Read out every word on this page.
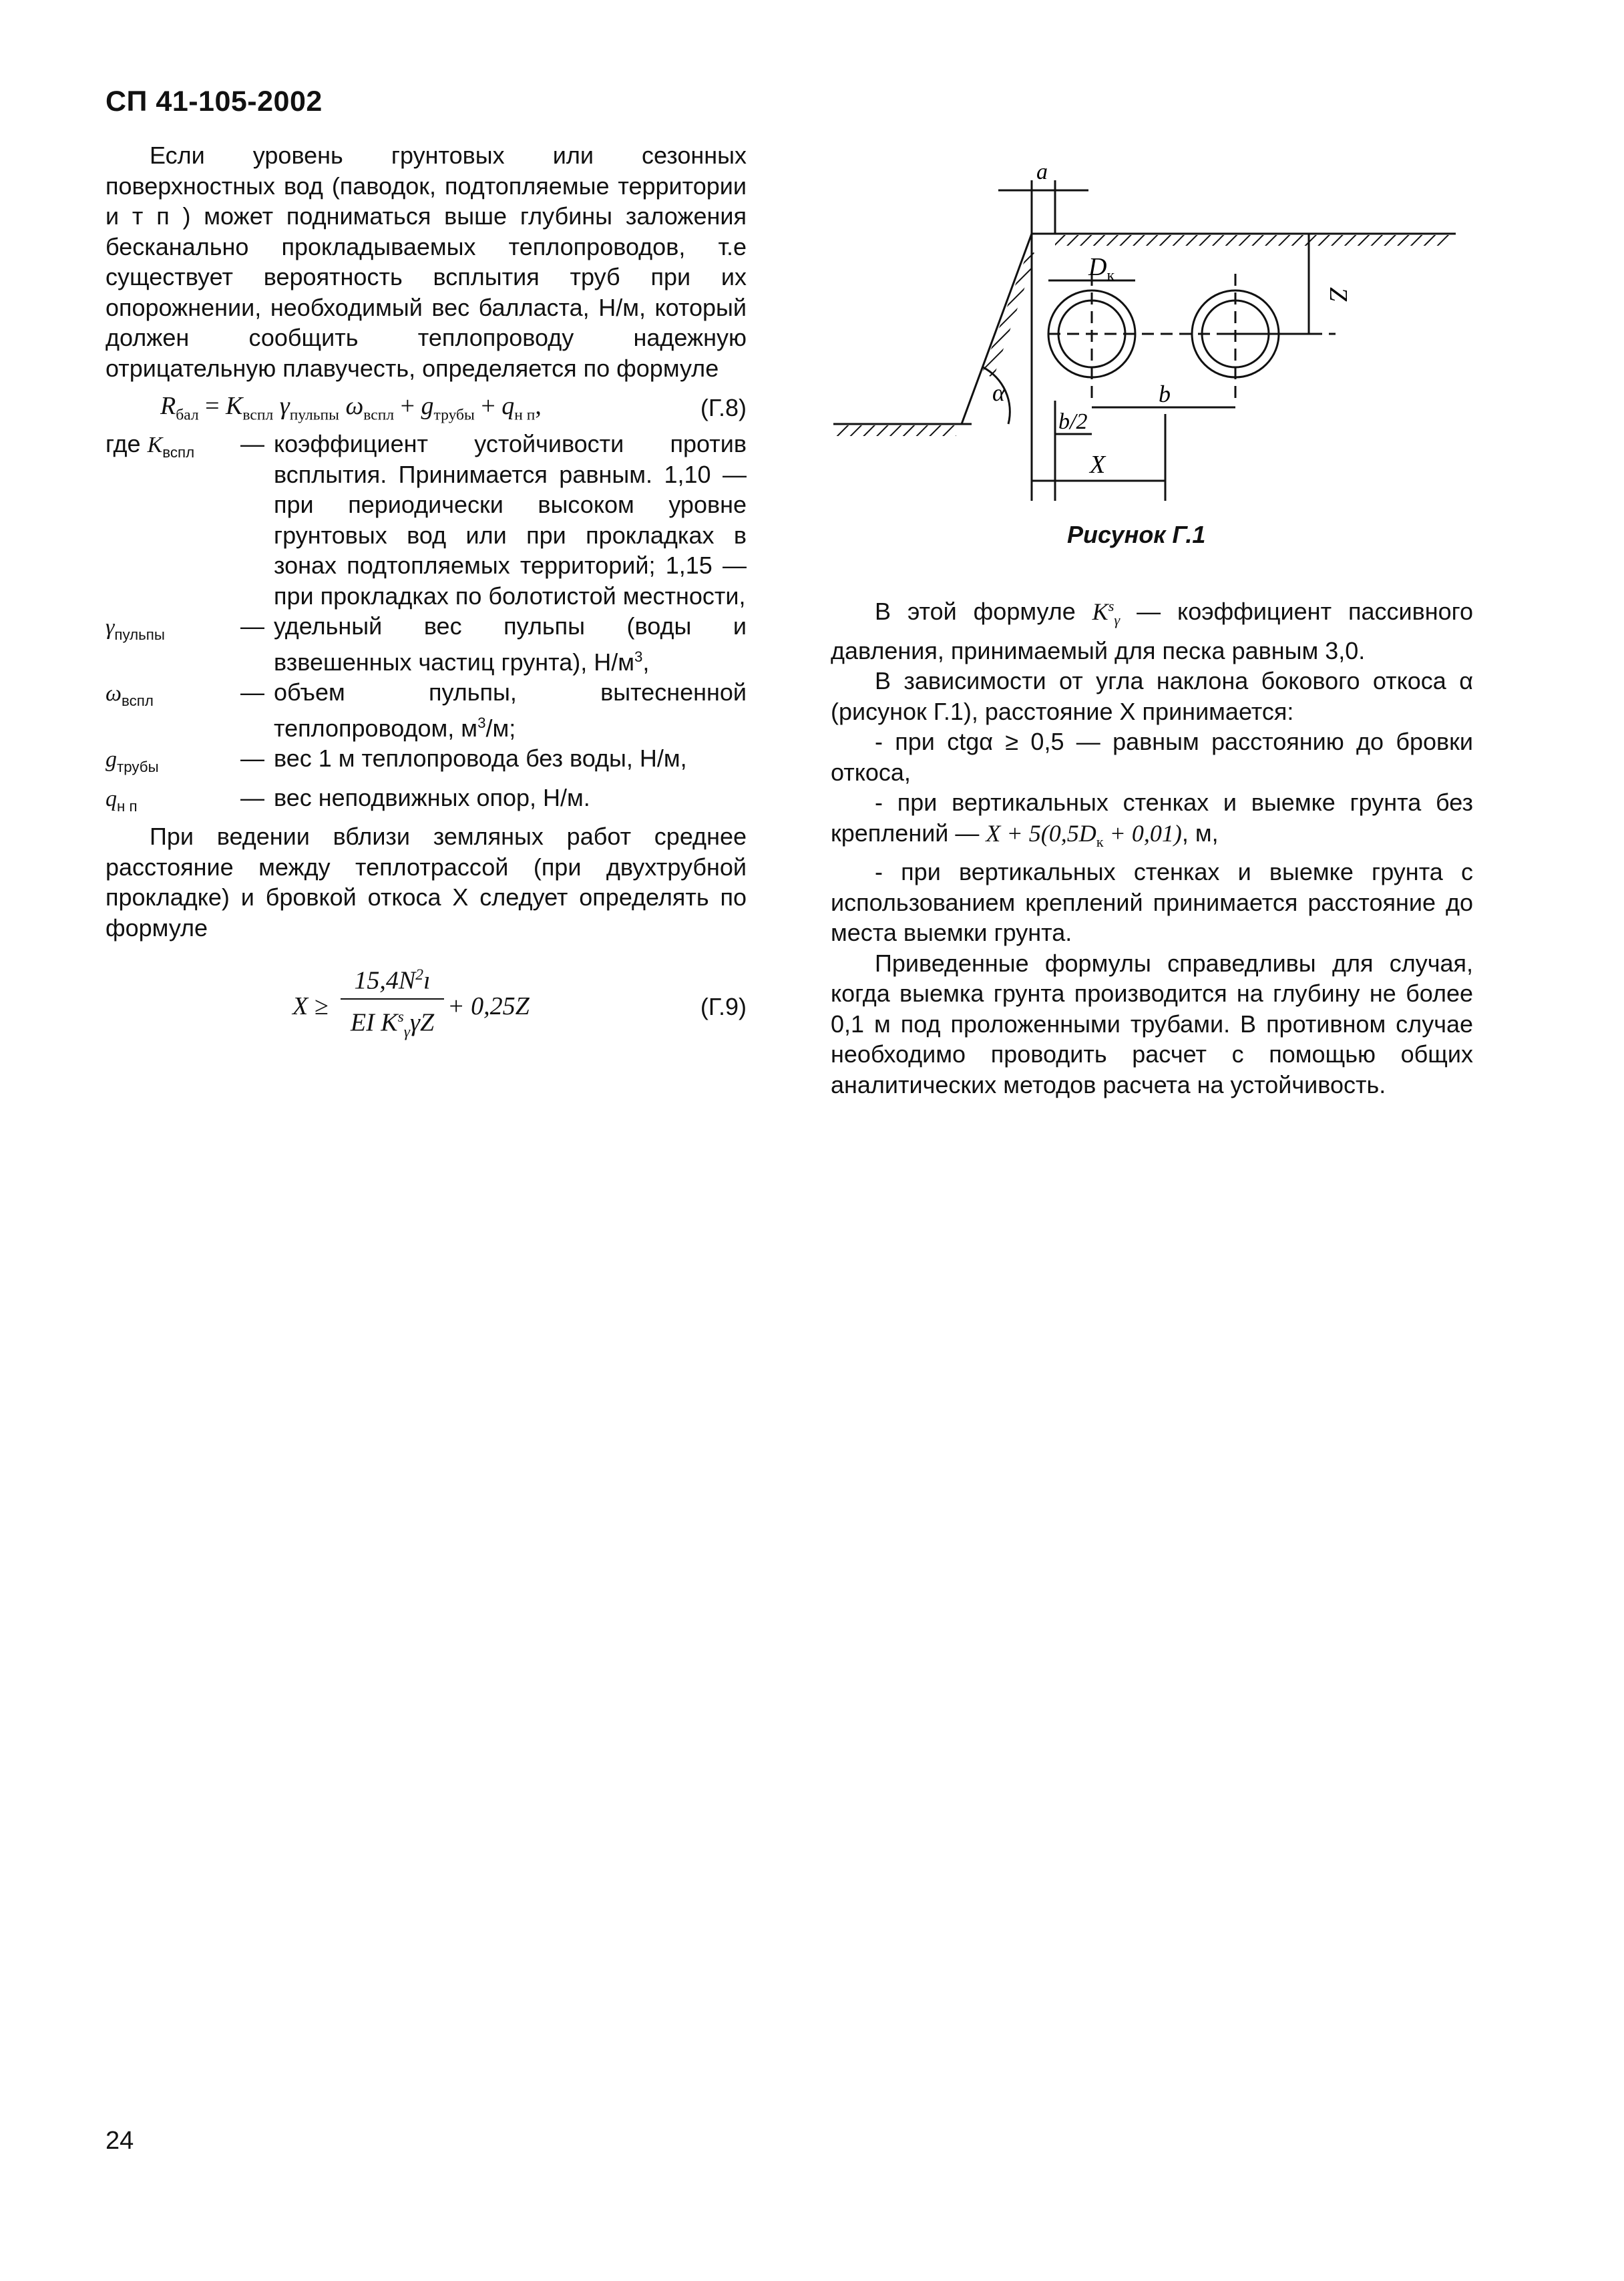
СП 41-105-2002

Если уровень грунтовых или сезонных поверхностных вод (паводок, подтопляемые территории и т п ) может подниматься выше глубины заложения бесканально прокладываемых теплопроводов, т.е существует вероятность всплытия труб при их опорожнении, необходимый вес балласта, Н/м, который должен сообщить теплопроводу надежную отрицательную плавучесть, определяется по формуле

$R_{бал} = K_{вспл}$ $\gamma_{пульпы}$ $\omega_{вспл} + g_{трубы} + q_{н п}$,	(Г.8)
где $K_{вспл}$	— коэффициент устойчивости против всплытия. Принимается равным. 1,10 — при периодически высоком уровне грунтовых вод или при прокладках в зонах подтопляемых территорий; 1,15 — при прокладках по болотистой местности,
$\gamma_{пульпы}$	— удельный вес пульпы (воды и взвешенных частиц грунта), $Н/м^3$,
$\omega_{вспл}$	— объем пульпы, вытесненной теплопроводом, $м^3/м$;
$g_{трубы}$	— вес 1 м теплопровода без воды, Н/м,
$q_{н п}$	— вес неподвижных опор, Н/м.

При ведении вблизи земляных работ среднее расстояние между теплотрассой (при двухтрубной прокладке) и бровкой откоса X следует определять по формуле

X ≥
$15,4N^2ı$
EI $K^s_\gamma\gamma Z$
+ 0,25Z	(Г.9)
a
$D_к$
Z
α	b
b/2
X
Рисунок Г.1

В этой формуле $K^s_\gamma$ — коэффициент пассивного давления, принимаемый для песка равным 3,0.

В зависимости от угла наклона бокового откоса α (рисунок Г.1), расстояние X принимается:

- при ctgα ≥ 0,5 — равным расстоянию до бровки откоса,

- при вертикальных стенках и выемке грунта без креплений — $X + 5(0,5D_к + 0,01)$, м,

- при вертикальных стенках и выемке грунта с использованием креплений принимается расстояние до места выемки грунта.

Приведенные формулы справедливы для случая, когда выемка грунта производится на глубину не более 0,1 м под проложенными трубами. В противном случае необходимо проводить расчет с помощью общих аналитических методов расчета на устойчивость.

24
